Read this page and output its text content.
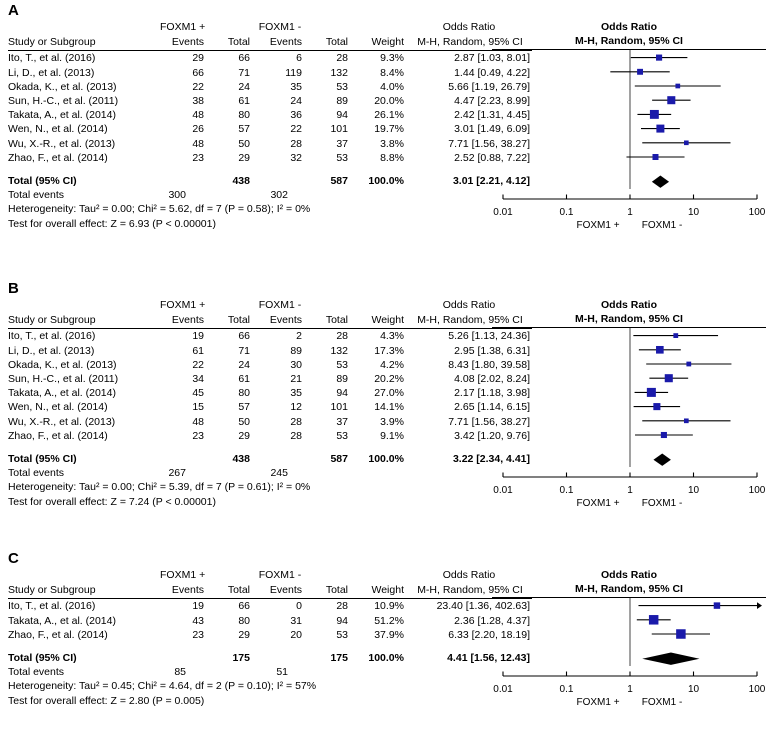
A
	FOXM1 +		FOXM1 -			Odds Ratio
Study or Subgroup	Events	Total	Events	Total	Weight	M-H, Random, 95% CI
Ito, T., et al. (2016)	29	66	6	28	9.3%	2.87 [1.03, 8.01]
Li, D., et al. (2013)	66	71	119	132	8.4%	1.44 [0.49, 4.22]
Okada, K., et al. (2013)	22	24	35	53	4.0%	5.66 [1.19, 26.79]
Sun, H.-C., et al. (2011)	38	61	24	89	20.0%	4.47 [2.23, 8.99]
Takata, A., et al. (2014)	48	80	36	94	26.1%	2.42 [1.31, 4.45]
Wen, N., et al. (2014)	26	57	22	101	19.7%	3.01 [1.49, 6.09]
Wu, X.-R., et al. (2013)	48	50	28	37	3.8%	7.71 [1.56, 38.27]
Zhao, F., et al. (2014)	23	29	32	53	8.8%	2.52 [0.88, 7.22]

Total (95% CI)		438		587	100.0%	3.01 [2.21, 4.12]
Total events	300		302			
Heterogeneity: Tau² = 0.00; Chi² = 5.62, df = 7 (P = 0.58); I² = 0%
Test for overall effect: Z = 6.93 (P < 0.00001)
Odds Ratio
M-H, Random, 95% CI
0.01	0.1	1	10	100
FOXM1 + FOXM1 -
B
	FOXM1 +		FOXM1 -			Odds Ratio
Study or Subgroup	Events	Total	Events	Total	Weight	M-H, Random, 95% CI
Ito, T., et al. (2016)	19	66	2	28	4.3%	5.26 [1.13, 24.36]
Li, D., et al. (2013)	61	71	89	132	17.3%	2.95 [1.38, 6.31]
Okada, K., et al. (2013)	22	24	30	53	4.2%	8.43 [1.80, 39.58]
Sun, H.-C., et al. (2011)	34	61	21	89	20.2%	4.08 [2.02, 8.24]
Takata, A., et al. (2014)	45	80	35	94	27.0%	2.17 [1.18, 3.98]
Wen, N., et al. (2014)	15	57	12	101	14.1%	2.65 [1.14, 6.15]
Wu, X.-R., et al. (2013)	48	50	28	37	3.9%	7.71 [1.56, 38.27]
Zhao, F., et al. (2014)	23	29	28	53	9.1%	3.42 [1.20, 9.76]

Total (95% CI)		438		587	100.0%	3.22 [2.34, 4.41]
Total events	267		245			
Heterogeneity: Tau² = 0.00; Chi² = 5.39, df = 7 (P = 0.61); I² = 0%
Test for overall effect: Z = 7.24 (P < 0.00001)
Odds Ratio
M-H, Random, 95% CI
0.01	0.1	1	10	100
FOXM1 + FOXM1 -
C
	FOXM1 +		FOXM1 -			Odds Ratio
Study or Subgroup	Events	Total	Events	Total	Weight	M-H, Random, 95% CI
Ito, T., et al. (2016)	19	66	0	28	10.9%	23.40 [1.36, 402.63]
Takata, A., et al. (2014)	43	80	31	94	51.2%	2.36 [1.28, 4.37]
Zhao, F., et al. (2014)	23	29	20	53	37.9%	6.33 [2.20, 18.19]

Total (95% CI)		175		175	100.0%	4.41 [1.56, 12.43]
Total events	85		51			
Heterogeneity: Tau² = 0.45; Chi² = 4.64, df = 2 (P = 0.10); I² = 57%
Test for overall effect: Z = 2.80 (P = 0.005)
Odds Ratio
M-H, Random, 95% CI
0.01	0.1	1	10	100
FOXM1 + FOXM1 -
